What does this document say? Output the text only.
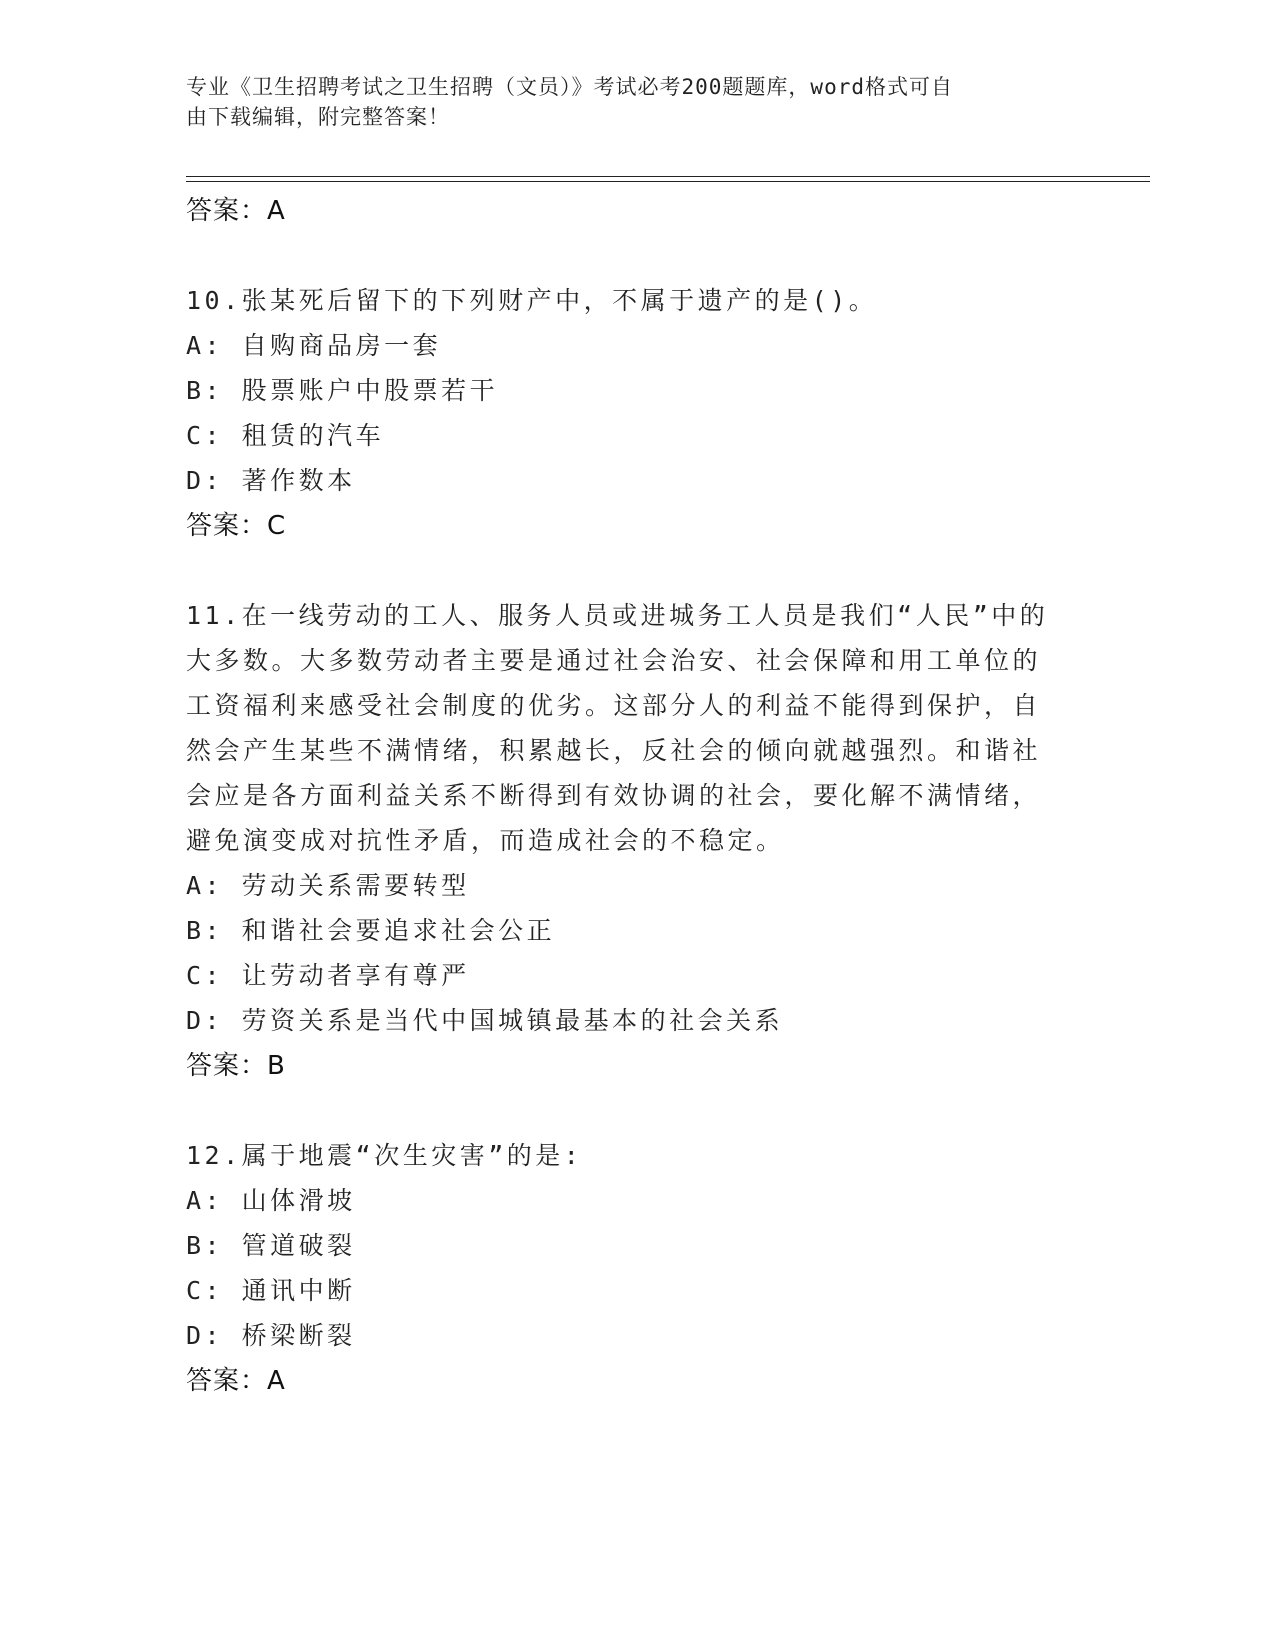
专业《卫生招聘考试之卫生招聘（文员）》考试必考200题题库，word格式可自
由下载编辑，附完整答案！
答案：A
10.张某死后留下的下列财产中，不属于遗产的是()。
A: 自购商品房一套
B: 股票账户中股票若干
C: 租赁的汽车
D: 著作数本
答案：C
11.在一线劳动的工人、服务人员或进城务工人员是我们“人民”中的
大多数。大多数劳动者主要是通过社会治安、社会保障和用工单位的
工资福利来感受社会制度的优劣。这部分人的利益不能得到保护，自
然会产生某些不满情绪，积累越长，反社会的倾向就越强烈。和谐社
会应是各方面利益关系不断得到有效协调的社会，要化解不满情绪，
避免演变成对抗性矛盾，而造成社会的不稳定。
A: 劳动关系需要转型
B: 和谐社会要追求社会公正
C: 让劳动者享有尊严
D: 劳资关系是当代中国城镇最基本的社会关系
答案：B
12.属于地震“次生灾害”的是:
A: 山体滑坡
B: 管道破裂
C: 通讯中断
D: 桥梁断裂
答案：A
